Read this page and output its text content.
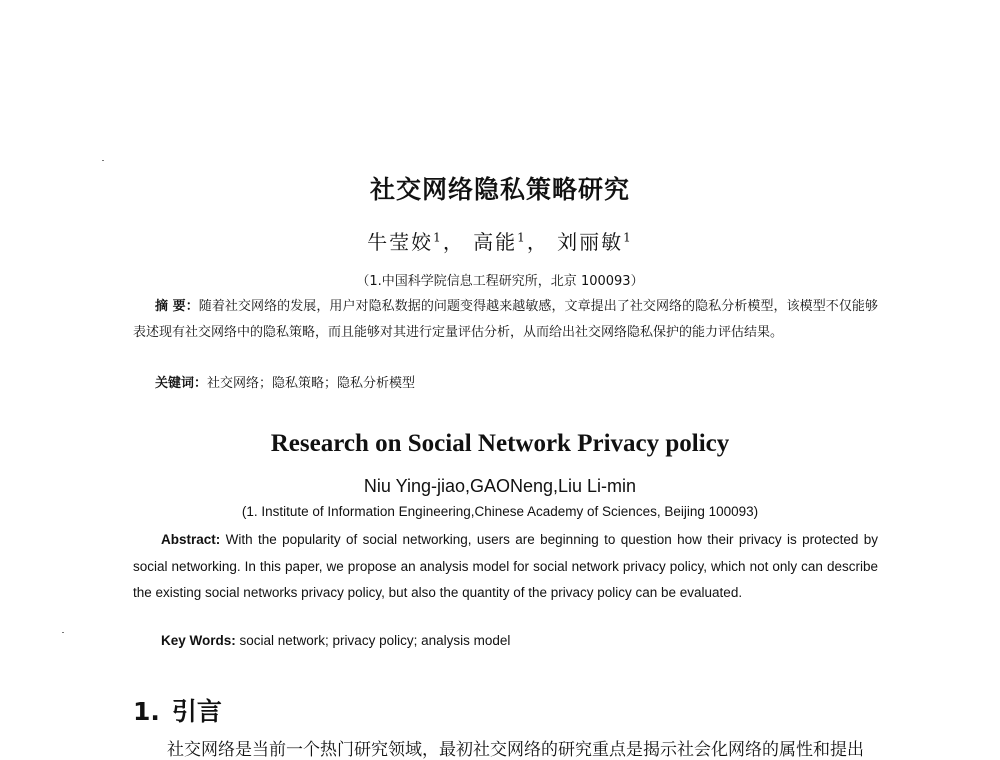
社交网络隐私策略研究
牛莹姣$^1$， 高能$^1$， 刘丽敏$^1$
（1.中国科学院信息工程研究所，北京 100093）
摘 要：随着社交网络的发展，用户对隐私数据的问题变得越来越敏感，文章提出了社交网络的隐私分析模型，该模型不仅能够表述现有社交网络中的隐私策略，而且能够对其进行定量评估分析，从而给出社交网络隐私保护的能力评估结果。
关键词：社交网络；隐私策略；隐私分析模型
Research on Social Network Privacy policy
Niu Ying-jiao,GAONeng,Liu Li-min
(1. Institute of Information Engineering,Chinese Academy of Sciences, Beijing 100093)
Abstract: With the popularity of social networking, users are beginning to question how their privacy is protected by social networking. In this paper, we propose an analysis model for social network privacy policy, which not only can describe the existing social networks privacy policy, but also the quantity of the privacy policy can be evaluated.
Key Words: social network; privacy policy; analysis model
1. 引言
社交网络是当前一个热门研究领域，最初社交网络的研究重点是揭示社会化网络的属性和提出
